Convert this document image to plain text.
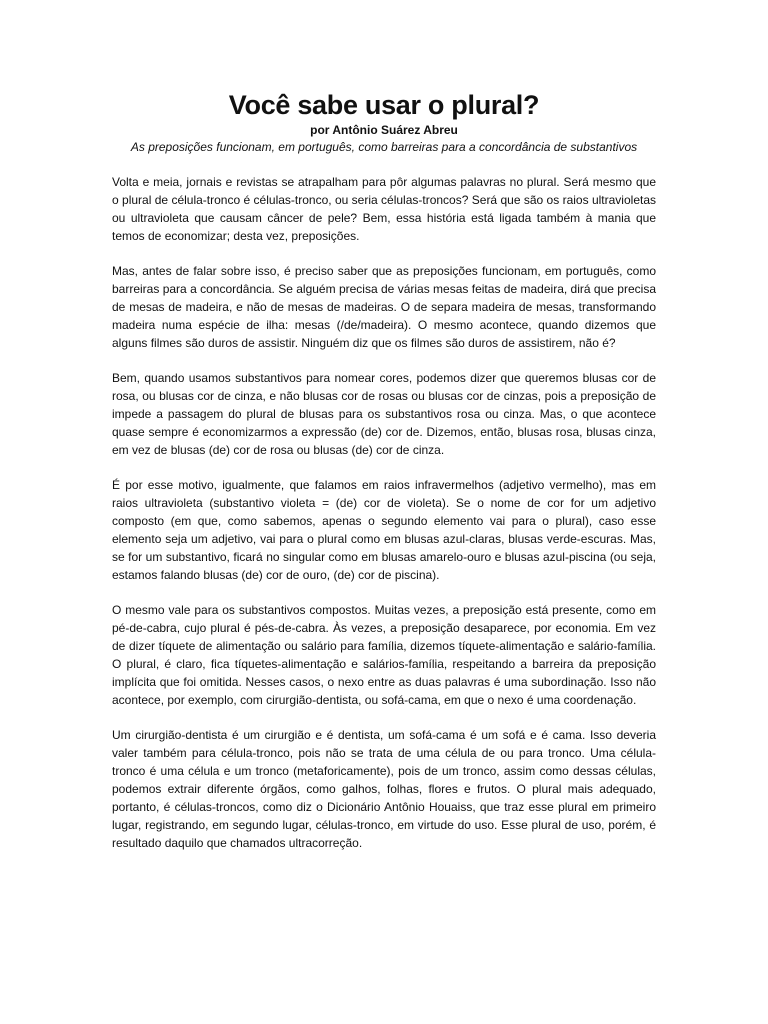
Você sabe usar o plural?
por Antônio Suárez Abreu
As preposições funcionam, em português, como barreiras para a concordância de substantivos

Volta e meia, jornais e revistas se atrapalham para pôr algumas palavras no plural. Será mesmo que o plural de célula-tronco é células-tronco, ou seria células-troncos? Será que são os raios ultravioletas ou ultravioleta que causam câncer de pele? Bem, essa história está ligada também à mania que temos de economizar; desta vez, preposições.

Mas, antes de falar sobre isso, é preciso saber que as preposições funcionam, em português, como barreiras para a concordância. Se alguém precisa de várias mesas feitas de madeira, dirá que precisa de mesas de madeira, e não de mesas de madeiras. O de separa madeira de mesas, transformando madeira numa espécie de ilha: mesas (/de/madeira). O mesmo acontece, quando dizemos que alguns filmes são duros de assistir. Ninguém diz que os filmes são duros de assistirem, não é?

Bem, quando usamos substantivos para nomear cores, podemos dizer que queremos blusas cor de rosa, ou blusas cor de cinza, e não blusas cor de rosas ou blusas cor de cinzas, pois a preposição de impede a passagem do plural de blusas para os substantivos rosa ou cinza. Mas, o que acontece quase sempre é economizarmos a expressão (de) cor de. Dizemos, então, blusas rosa, blusas cinza, em vez de blusas (de) cor de rosa ou blusas (de) cor de cinza.

É por esse motivo, igualmente, que falamos em raios infravermelhos (adjetivo vermelho), mas em raios ultravioleta (substantivo violeta = (de) cor de violeta). Se o nome de cor for um adjetivo composto (em que, como sabemos, apenas o segundo elemento vai para o plural), caso esse elemento seja um adjetivo, vai para o plural como em blusas azul-claras, blusas verde-escuras. Mas, se for um substantivo, ficará no singular como em blusas amarelo-ouro e blusas azul-piscina (ou seja, estamos falando blusas (de) cor de ouro, (de) cor de piscina).

O mesmo vale para os substantivos compostos. Muitas vezes, a preposição está presente, como em pé-de-cabra, cujo plural é pés-de-cabra. Às vezes, a preposição desaparece, por economia. Em vez de dizer tíquete de alimentação ou salário para família, dizemos tíquete-alimentação e salário-família. O plural, é claro, fica tíquetes-alimentação e salários-família, respeitando a barreira da preposição implícita que foi omitida. Nesses casos, o nexo entre as duas palavras é uma subordinação. Isso não acontece, por exemplo, com cirurgião-dentista, ou sofá-cama, em que o nexo é uma coordenação.

Um cirurgião-dentista é um cirurgião e é dentista, um sofá-cama é um sofá e é cama. Isso deveria valer também para célula-tronco, pois não se trata de uma célula de ou para tronco. Uma célula-tronco é uma célula e um tronco (metaforicamente), pois de um tronco, assim como dessas células, podemos extrair diferente órgãos, como galhos, folhas, flores e frutos. O plural mais adequado, portanto, é células-troncos, como diz o Dicionário Antônio Houaiss, que traz esse plural em primeiro lugar, registrando, em segundo lugar, células-tronco, em virtude do uso. Esse plural de uso, porém, é resultado daquilo que chamados ultracorreção.
